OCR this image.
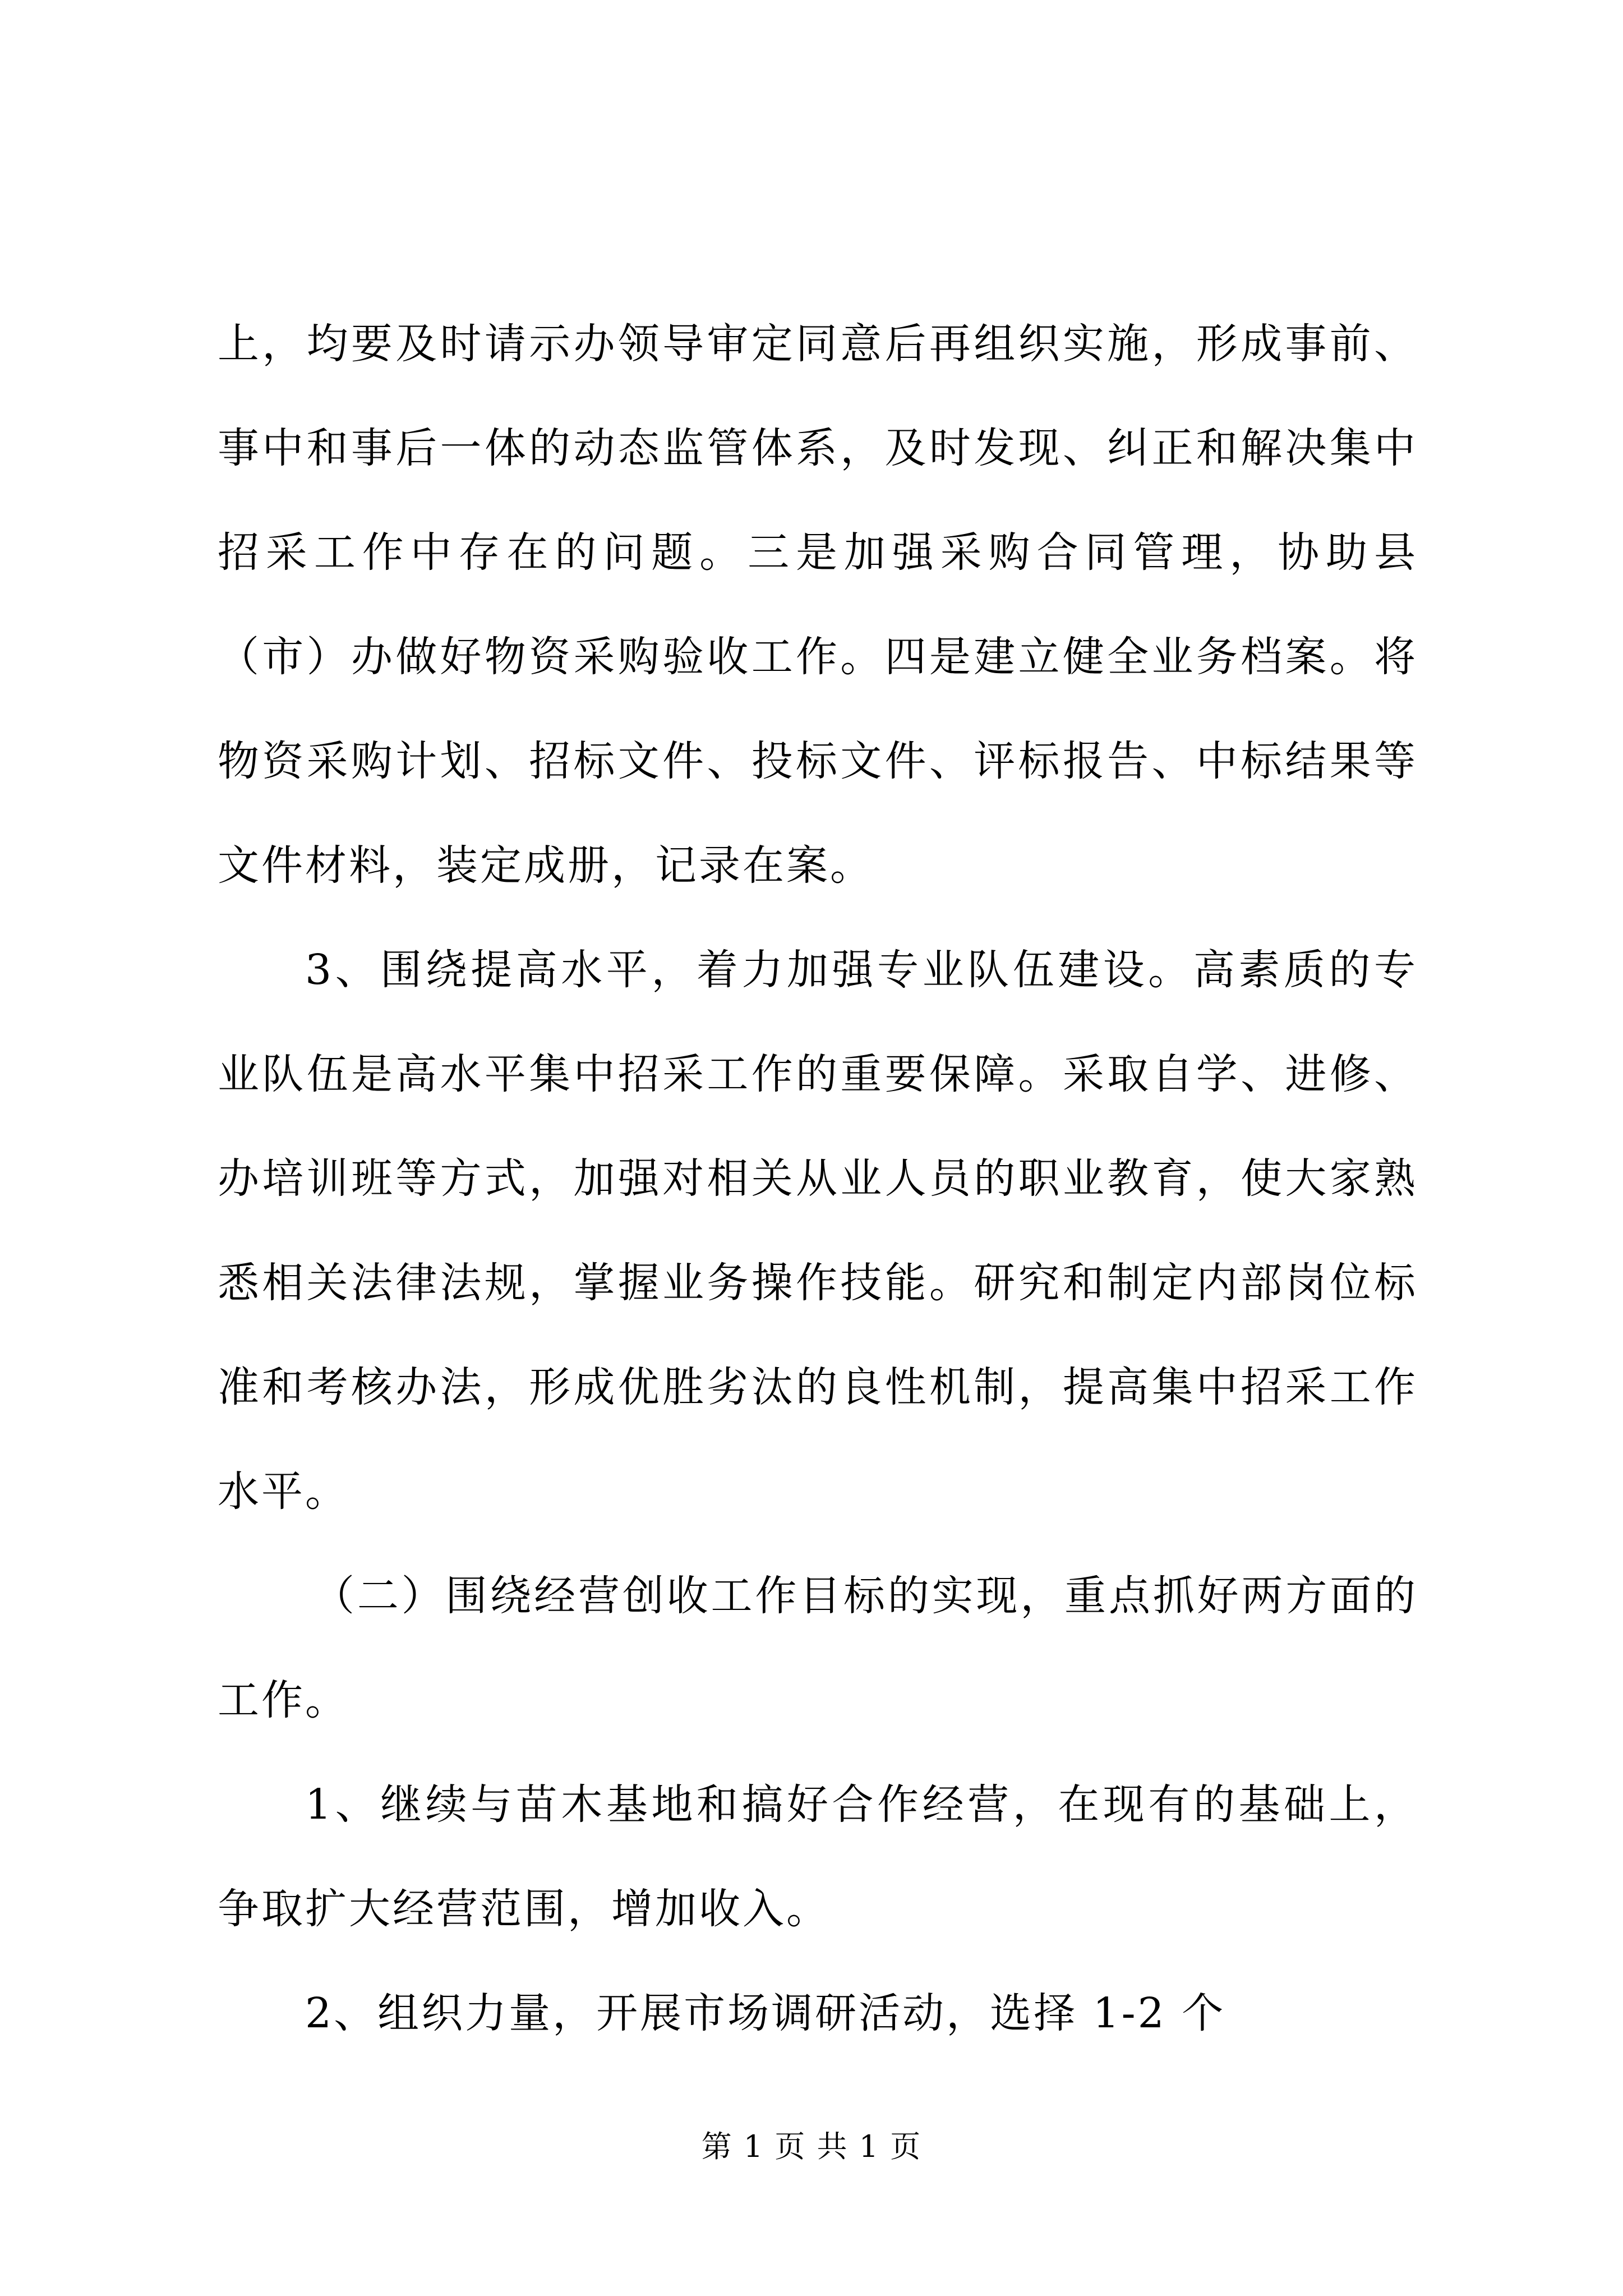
上，均要及时请示办领导审定同意后再组织实施，形成事前、事中和事后一体的动态监管体系，及时发现、纠正和解决集中招采工作中存在的问题。三是加强采购合同管理，协助县（市）办做好物资采购验收工作。四是建立健全业务档案。将物资采购计划、招标文件、投标文件、评标报告、中标结果等文件材料，装定成册，记录在案。

3、围绕提高水平，着力加强专业队伍建设。高素质的专业队伍是高水平集中招采工作的重要保障。采取自学、进修、办培训班等方式，加强对相关从业人员的职业教育，使大家熟悉相关法律法规，掌握业务操作技能。研究和制定内部岗位标准和考核办法，形成优胜劣汰的良性机制，提高集中招采工作水平。

（二）围绕经营创收工作目标的实现，重点抓好两方面的工作。

1、继续与苗木基地和搞好合作经营，在现有的基础上，争取扩大经营范围，增加收入。

2、组织力量，开展市场调研活动，选择 1-2 个

第 1 页 共 1 页
